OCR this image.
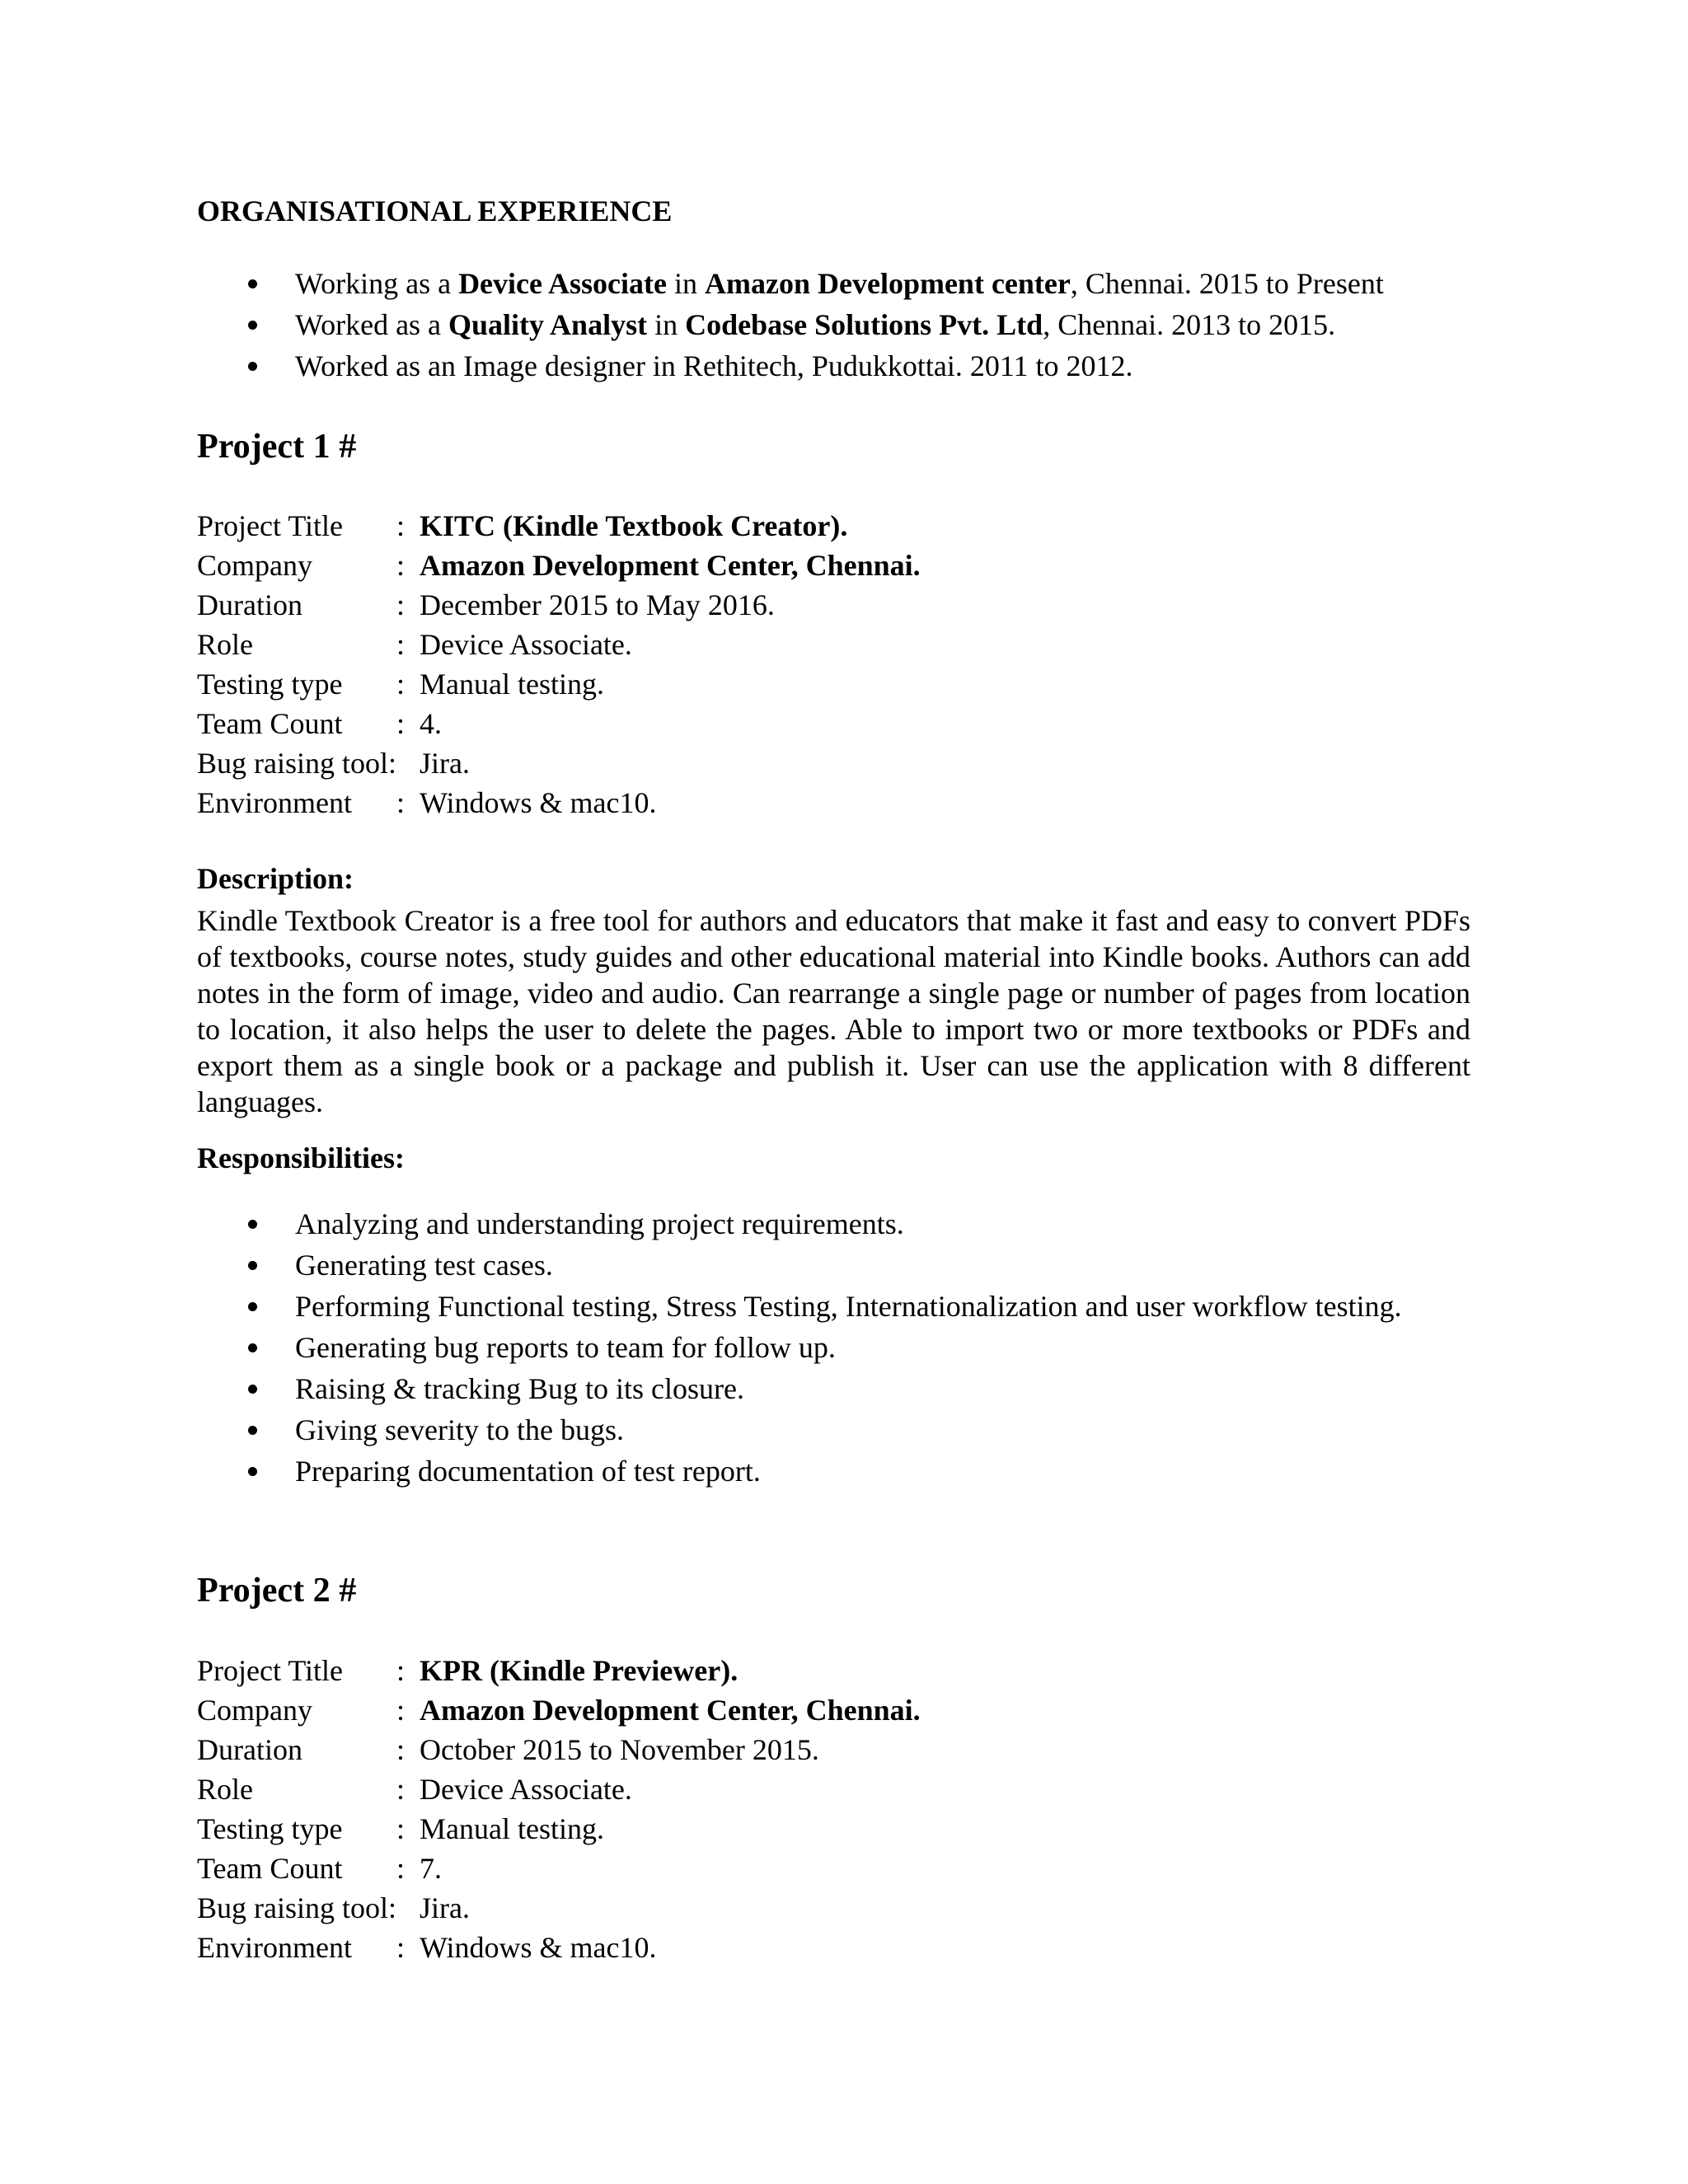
ORGANISATIONAL EXPERIENCE
Working as a Device Associate in Amazon Development center, Chennai. 2015 to Present
Worked as a Quality Analyst in Codebase Solutions Pvt. Ltd, Chennai. 2013 to 2015.
Worked as an Image designer in Rethitech, Pudukkottai. 2011 to 2012.
Project 1 #
Project Title	:	KITC (Kindle Textbook Creator).
Company	:	Amazon Development Center, Chennai.
Duration	:	December 2015 to May 2016.
Role	:	Device Associate.
Testing type	:	Manual testing.
Team Count	:	4.
Bug raising tool:		Jira.
Environment	:	Windows & mac10.

Description:

Kindle Textbook Creator is a free tool for authors and educators that make it fast and easy to convert PDFs of textbooks, course notes, study guides and other educational material into Kindle books. Authors can add notes in the form of image, video and audio. Can rearrange a single page or number of pages from location to location, it also helps the user to delete the pages. Able to import two or more textbooks or PDFs and export them as a single book or a package and publish it. User can use the application with 8 different languages.

Responsibilities:

Analyzing and understanding project requirements.
Generating test cases.
Performing Functional testing, Stress Testing, Internationalization and user workflow testing.
Generating bug reports to team for follow up.
Raising & tracking Bug to its closure.
Giving severity to the bugs.
Preparing documentation of test report.
Project 2 #
Project Title	:	KPR (Kindle Previewer).
Company	:	Amazon Development Center, Chennai.
Duration	:	October 2015 to November 2015.
Role	:	Device Associate.
Testing type	:	Manual testing.
Team Count	:	7.
Bug raising tool:		Jira.
Environment	:	Windows & mac10.
